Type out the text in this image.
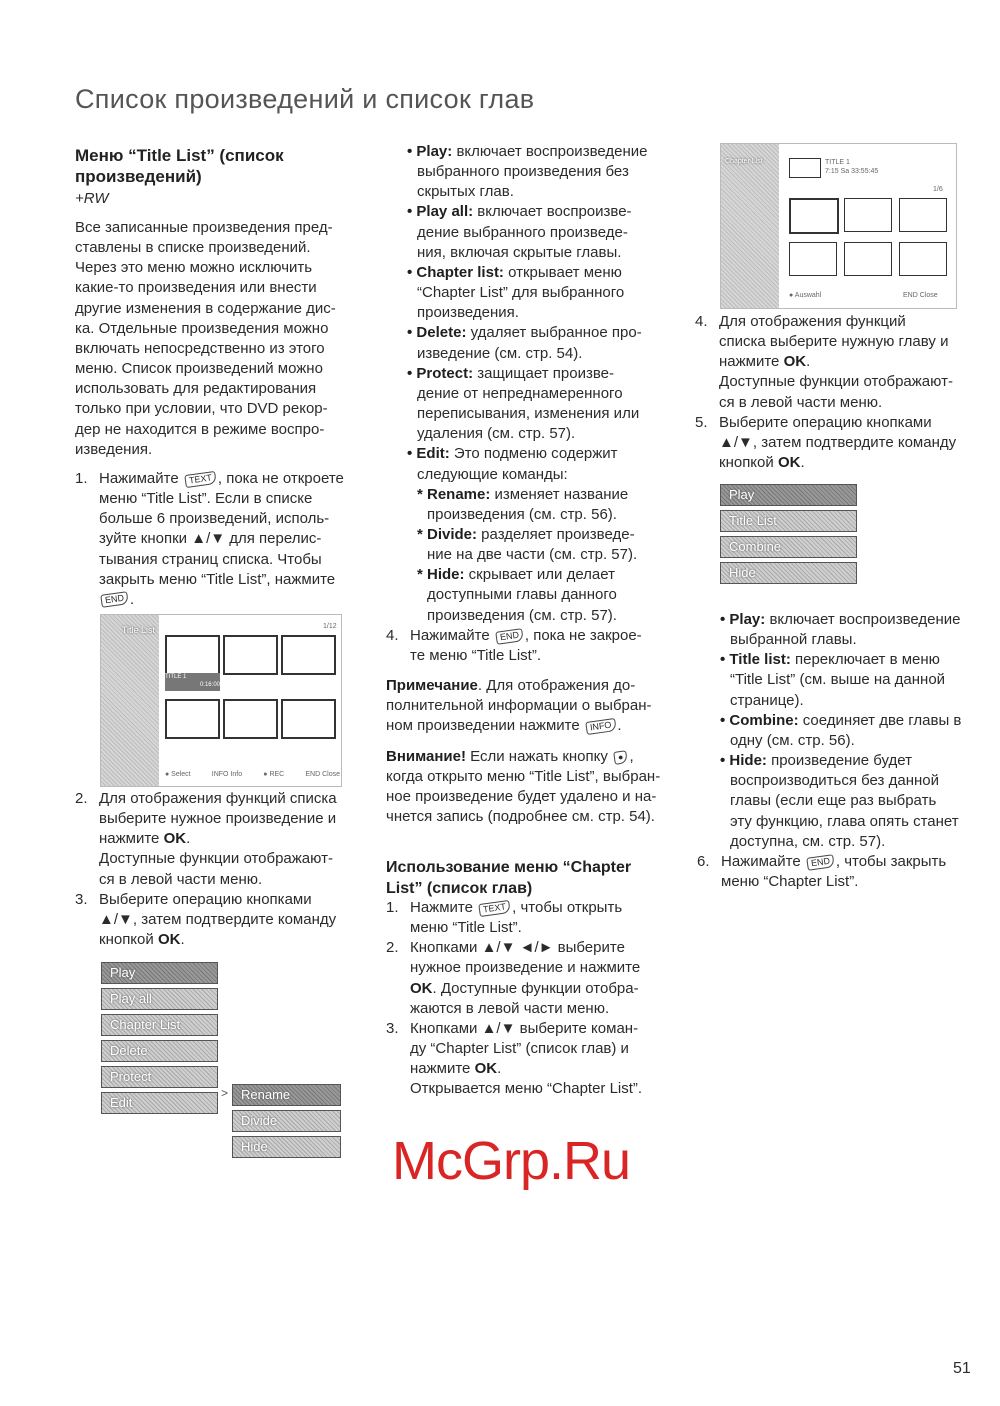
Список произведений и список глав
Меню “Title List” (список
произведений)
+RW
Все записанные произведения пред-
ставлены в списке произведений.
Через это меню можно исключить
какие-то произведения или внести
другие изменения в содержание дис-
ка. Отдельные произведения можно
включать непосредственно из этого
меню. Список произведений можно
использовать для редактирования
только при условии, что DVD рекор-
дер не находится в режиме воспро-
изведения.
1. Нажимайте TEXT , пока не откроете
меню “Title List”. Если в списке
больше 6 произведений, исполь-
зуйте кнопки ▲/▼ для перелис-
тывания страниц списка. Чтобы
закрыть меню “Title List”, нажмите
END .
Title List	1/12
TITLE 1
0:16:00
● Select	INFO Info	● REC	END Close
2. Для отображения функций списка
выберите нужное произведение и
нажмите OK.
Доступные функции отображают-
ся в левой части меню.
3. Выберите операцию кнопками
▲/▼, затем подтвердите команду
кнопкой OK.
Play
Play all
Chapter List
Delete
Protect
Edit
> Rename
Divide
Hide
• Play: включает воспроизведение
выбранного произведения без
скрытых глав.
• Play all: включает воспроизве-
дение выбранного произведе-
ния, включая скрытые главы.
• Chapter list: открывает меню
“Chapter List” для выбранного
произведения.
• Delete: удаляет выбранное про-
изведение (см. стр. 54).
• Protect: защищает произве-
дение от непреднамеренного
переписывания, изменения или
удаления (см. стр. 57).
• Edit: Это подменю содержит
следующие команды:
* Rename: изменяет название
произведения (см. стр. 56).
* Divide: разделяет произведе-
ние на две части (см. стр. 57).
* Hide: скрывает или делает
доступными главы данного
произведения (см. стр. 57).
4. Нажимайте END , пока не закрое-
те меню “Title List”.
Примечание. Для отображения до-
полнительной информации о выбран-
ном произведении нажмите INFO .
Внимание! Если нажать кнопку ● ,
когда открыто меню “Title List”, выбран-
ное произведение будет удалено и на-
чнется запись (подробнее см. стр. 54).
Использование меню “Chapter
List” (список глав)
1. Нажмите TEXT , чтобы открыть
меню “Title List”.
2. Кнопками ▲/▼ ◄/► выберите
нужное произведение и нажмите
OK. Доступные функции отобра-
жаются в левой части меню.
3. Кнопками ▲/▼ выберите коман-
ду “Chapter List” (список глав) и
нажмите OK.
Открывается меню “Chapter List”.
Chapter List	TITLE 1
7:15 Sa 33:55:45
1/6
● Auswahl	END Close
4. Для отображения функций
списка выберите нужную главу и
нажмите OK.
Доступные функции отображают-
ся в левой части меню.
5. Выберите операцию кнопками
▲/▼, затем подтвердите команду
кнопкой OK.
Play
Title List
Combine
Hide
• Play: включает воспроизведение
выбранной главы.
• Title list: переключает в меню
“Title List” (см. выше на данной
странице).
• Combine: соединяет две главы в
одну (см. стр. 56).
• Hide: произведение будет
воспроизводиться без данной
главы (если еще раз выбрать
эту функцию, глава опять станет
доступна, см. стр. 57).
6. Нажимайте END , чтобы закрыть
меню “Chapter List”.
McGrp.Ru
51
